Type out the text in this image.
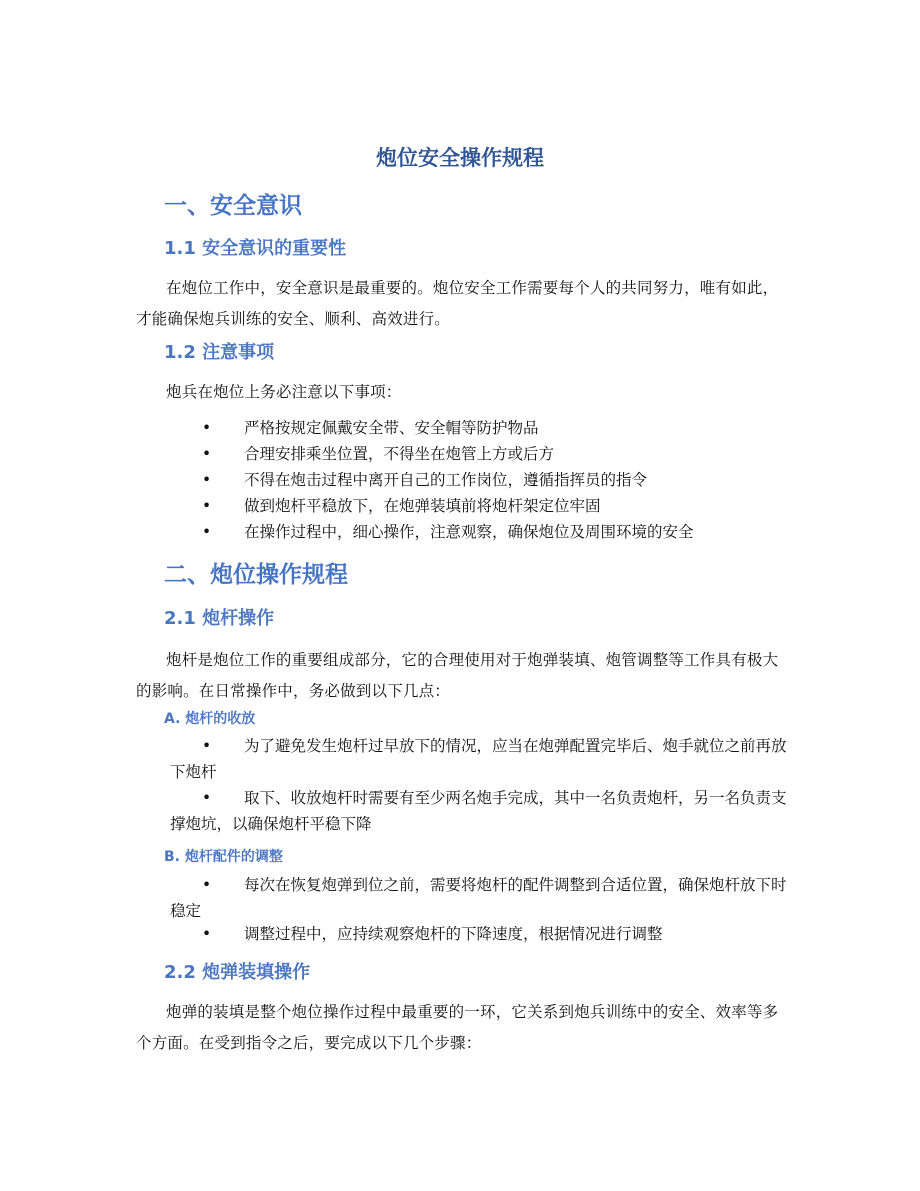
炮位安全操作规程
一、安全意识
1.1 安全意识的重要性

在炮位工作中，安全意识是最重要的。炮位安全工作需要每个人的共同努力，唯有如此，才能确保炮兵训练的安全、顺利、高效进行。

1.2 注意事项

炮兵在炮位上务必注意以下事项：

• 严格按规定佩戴安全带、安全帽等防护物品
• 合理安排乘坐位置，不得坐在炮管上方或后方
• 不得在炮击过程中离开自己的工作岗位，遵循指挥员的指令
• 做到炮杆平稳放下，在炮弹装填前将炮杆架定位牢固
• 在操作过程中，细心操作，注意观察，确保炮位及周围环境的安全
二、炮位操作规程
2.1 炮杆操作

炮杆是炮位工作的重要组成部分，它的合理使用对于炮弹装填、炮管调整等工作具有极大的影响。在日常操作中，务必做到以下几点：

A. 炮杆的收放
• 为了避免发生炮杆过早放下的情况，应当在炮弹配置完毕后、炮手就位之前再放下炮杆
• 取下、收放炮杆时需要有至少两名炮手完成，其中一名负责炮杆，另一名负责支撑炮坑，以确保炮杆平稳下降
B. 炮杆配件的调整
• 每次在恢复炮弹到位之前，需要将炮杆的配件调整到合适位置，确保炮杆放下时稳定
• 调整过程中，应持续观察炮杆的下降速度，根据情况进行调整
2.2 炮弹装填操作

炮弹的装填是整个炮位操作过程中最重要的一环，它关系到炮兵训练中的安全、效率等多个方面。在受到指令之后，要完成以下几个步骤：
